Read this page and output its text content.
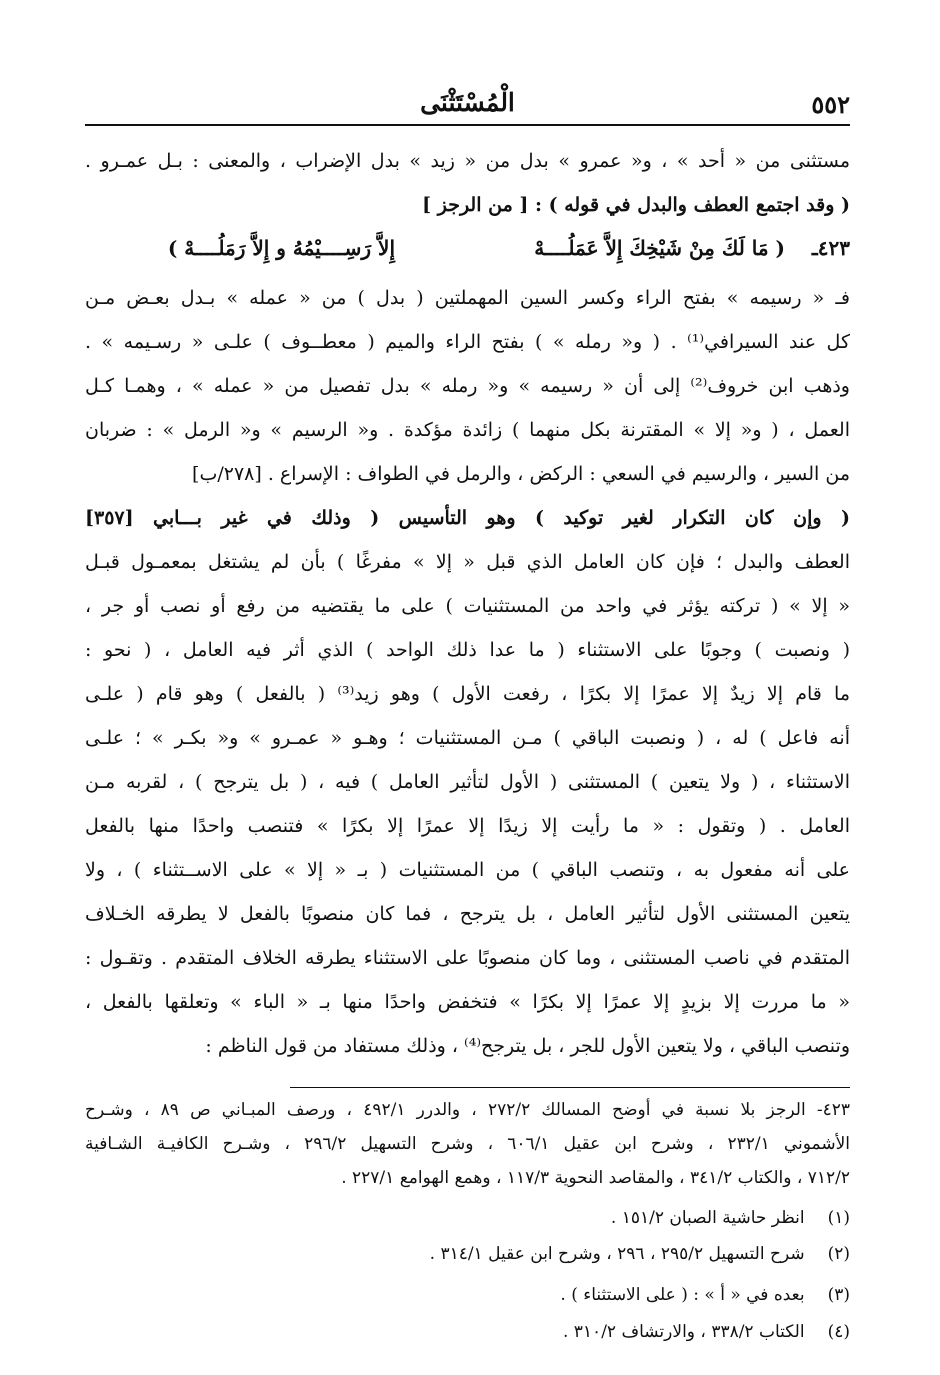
٥٥٢
الْمُسْتَثْنَى
مستثنى من « أحد » ، و« عمرو » بدل من « زيد » بدل الإضراب ، والمعنى : بـل عمـرو .
( وقد اجتمع العطف والبدل في قوله ) : [ من الرجز ]
٤٢٣ـ
( مَا لَكَ مِنْ شَيْخِكَ إِلاَّ عَمَلُــــهْ
إِلاَّ رَسِــــيْمُهُ و إِلاَّ رَمَلُــــهْ )
فـ « رسيمه » بفتح الراء وكسر السين المهملتين ( بدل ) من « عمله » بـدل بعـض مـن
كل عند السيرافي⁽¹⁾ . ( و« رمله » ) بفتح الراء والميم ( معطــوف ) علـى « رسـيمه » .
وذهب ابن خروف⁽²⁾ إلى أن « رسيمه » و« رمله » بدل تفصيل من « عمله » ، وهمـا كـل
العمل ، ( و« إلا » المقترنة بكل منهما ) زائدة مؤكدة . و« الرسيم » و« الرمل » : ضربان
من السير ، والرسيم في السعي : الركض ، والرمل في الطواف : الإسراع . [٢٧٨/ب]
( وإن كان التكرار لغير توكيد ) وهو التأسيس ( وذلك في غير بـــابي [٣٥٧]
العطف والبدل ؛ فإن كان العامل الذي قبل « إلا » مفرغًا ) بأن لم يشتغل بمعمـول قبـل
« إلا » ( تركته يؤثر في واحد من المستثنيات ) على ما يقتضيه من رفع أو نصب أو جر ،
( ونصبت ) وجوبًا على الاستثناء ( ما عدا ذلك الواحد ) الذي أثر فيه العامل ، ( نحو :
ما قام إلا زيدٌ إلا عمرًا إلا بكرًا ، رفعت الأول ) وهو زيد⁽³⁾ ( بالفعل ) وهو قام ( علـى
أنه فاعل ) له ، ( ونصبت الباقي ) مـن المستثنيات ؛ وهـو « عمـرو » و« بكـر » ؛ علـى
الاستثناء ، ( ولا يتعين ) المستثنى ( الأول لتأثير العامل ) فيه ، ( بل يترجح ) ، لقربه مـن
العامل . ( وتقول : « ما رأيت إلا زيدًا إلا عمرًا إلا بكرًا » فتنصب واحدًا منها بالفعل
على أنه مفعول به ، وتنصب الباقي ) من المستثنيات ( بـ « إلا » على الاســتثناء ) ، ولا
يتعين المستثنى الأول لتأثير العامل ، بل يترجح ، فما كان منصوبًا بالفعل لا يطرقه الخـلاف
المتقدم في ناصب المستثنى ، وما كان منصوبًا على الاستثناء يطرقه الخلاف المتقدم . وتقـول :
« ما مررت إلا بزيدٍ إلا عمرًا إلا بكرًا » فتخفض واحدًا منها بـ « الباء » وتعلقها بالفعل ،
وتنصب الباقي ، ولا يتعين الأول للجر ، بل يترجح⁽⁴⁾ ، وذلك مستفاد من قول الناظم :
٤٢٣- الرجز بلا نسبة في أوضح المسالك ٢٧٢/٢ ، والدرر ٤٩٢/١ ، ورصف المبـاني ص ٨٩ ، وشـرح
الأشموني ٢٣٢/١ ، وشرح ابن عقيل ٦٠٦/١ ، وشرح التسهيل ٢٩٦/٢ ، وشـرح الكافيـة الشـافية
٧١٢/٢ ، والكتاب ٣٤١/٢ ، والمقاصد النحوية ١١٧/٣ ، وهمع الهوامع ٢٢٧/١ .
(١) انظر حاشية الصبان ١٥١/٢ .
(٢) شرح التسهيل ٢٩٥/٢ ، ٢٩٦ ، وشرح ابن عقيل ٣١٤/١ .
(٣) بعده في « أ » : ( على الاستثناء ) .
(٤) الكتاب ٣٣٨/٢ ، والارتشاف ٣١٠/٢ .
